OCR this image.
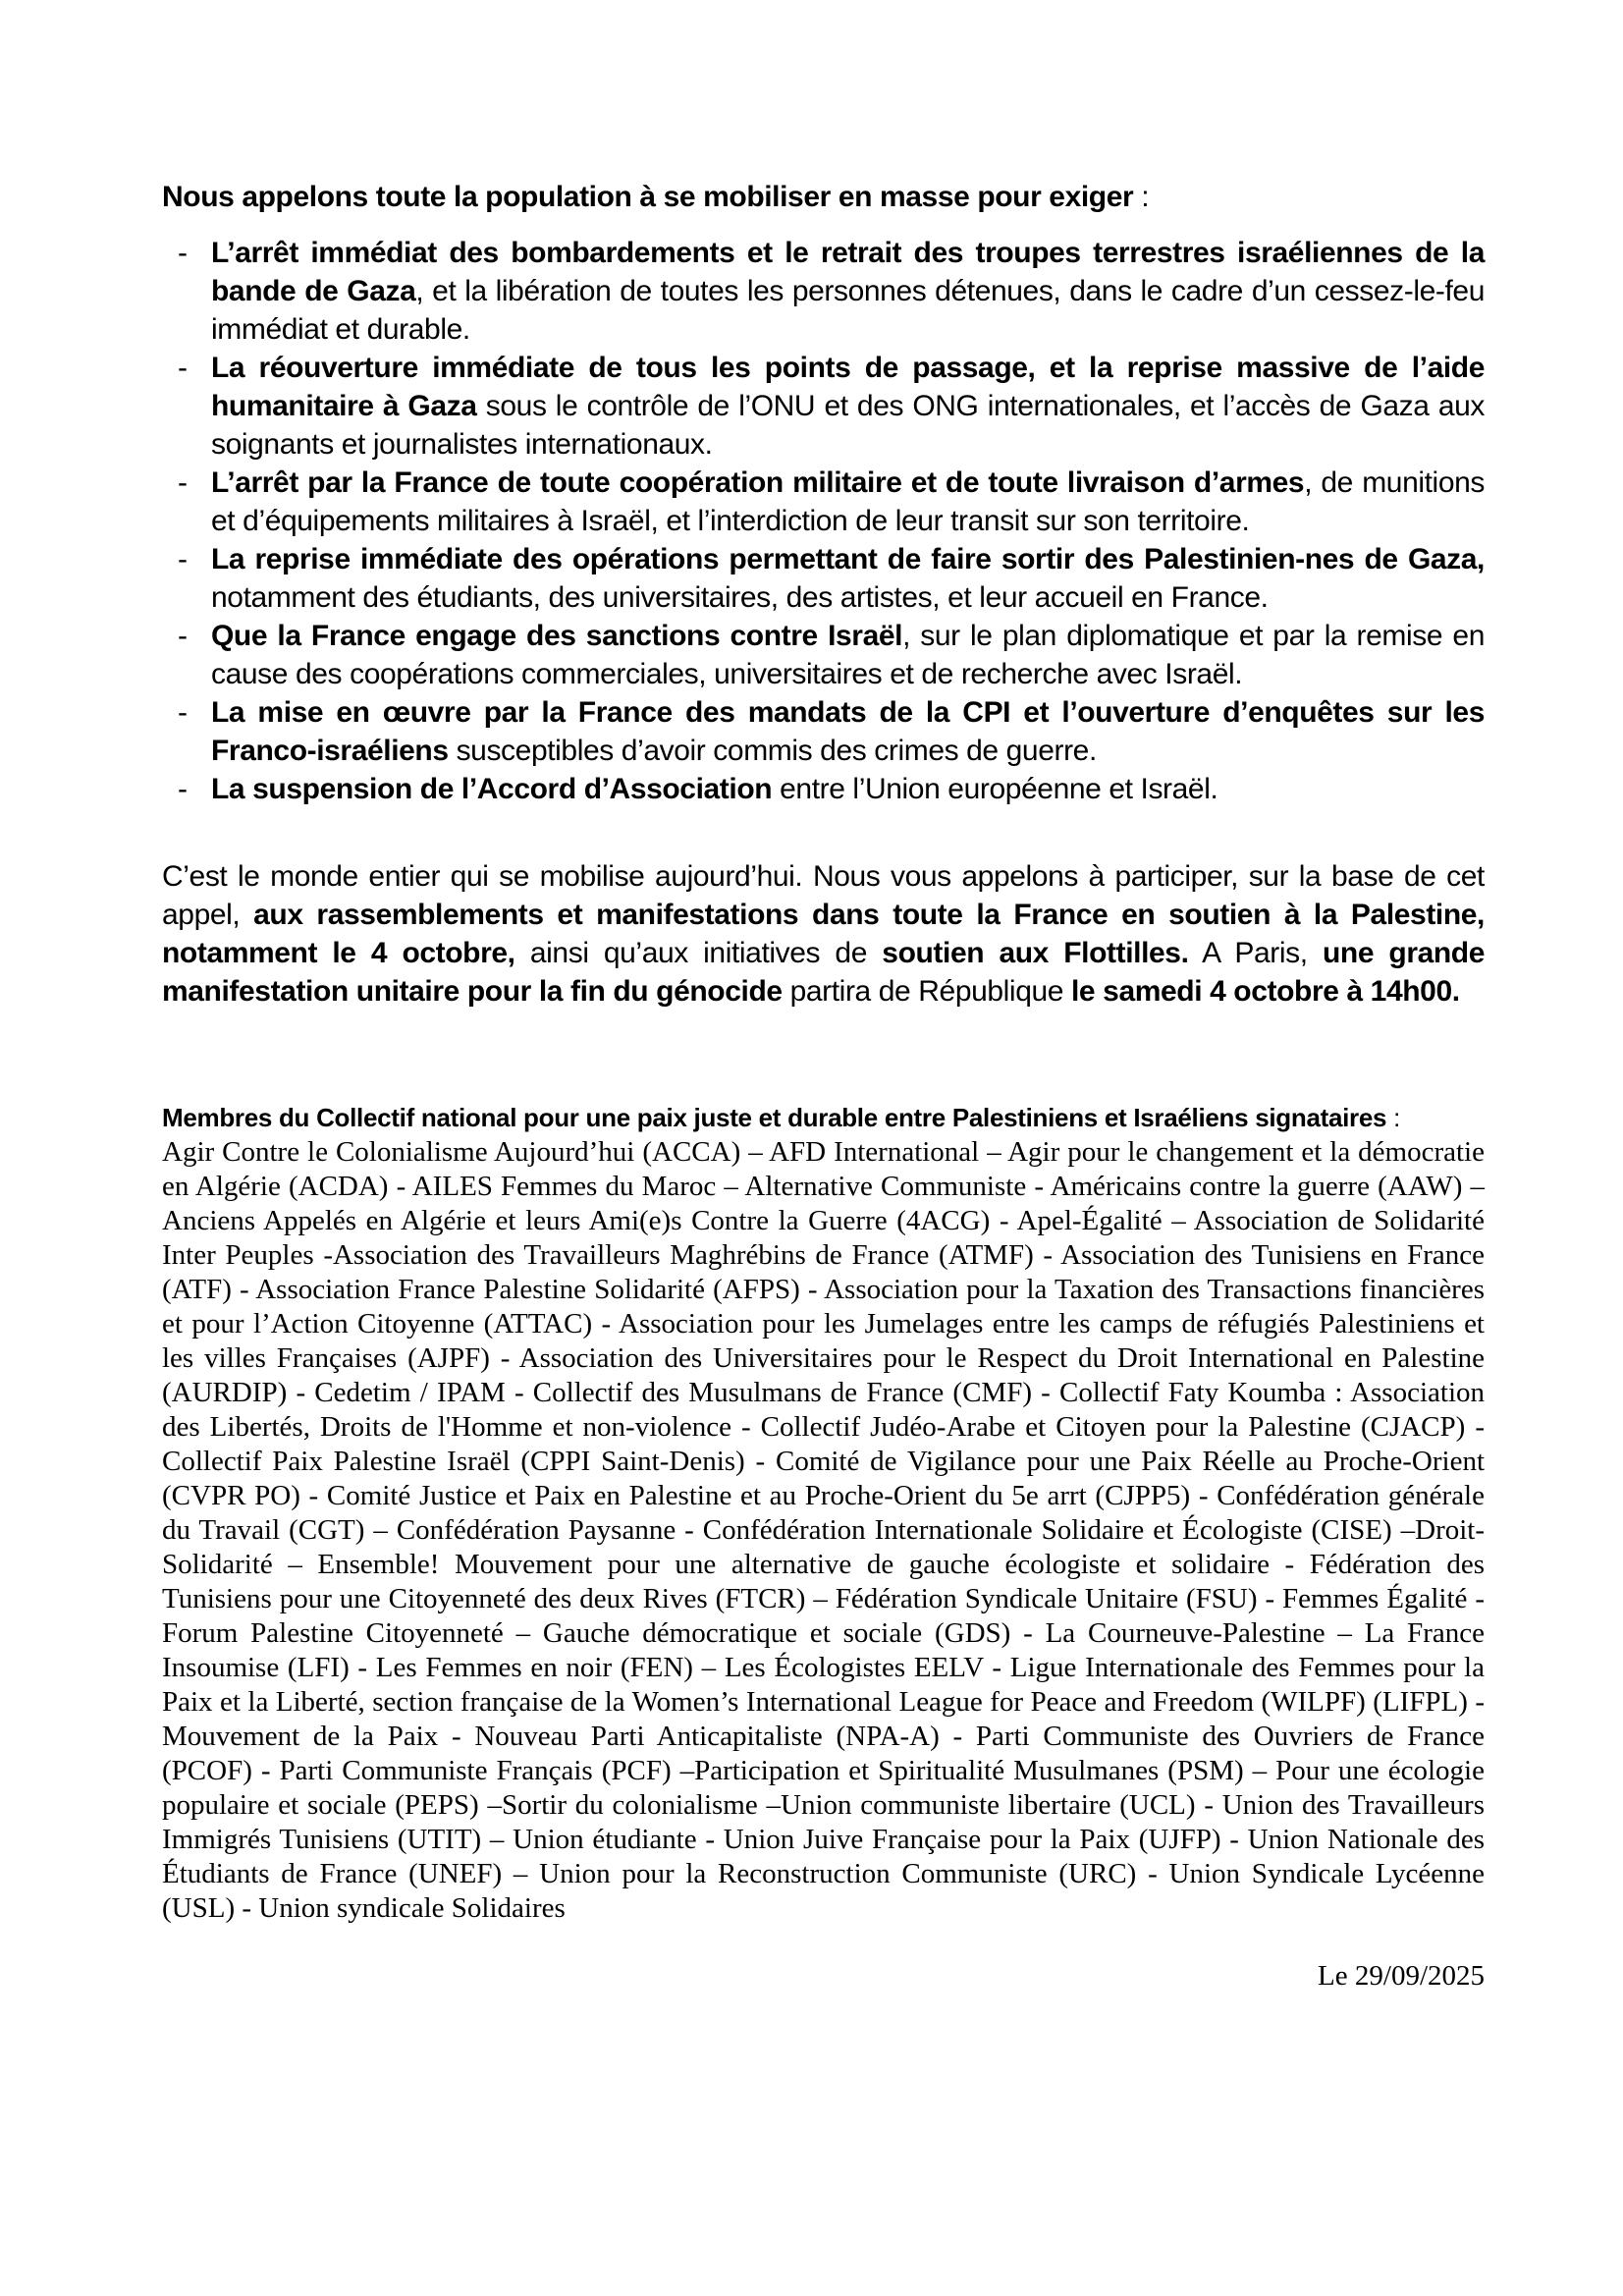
Nous appelons toute la population à se mobiliser en masse pour exiger :

- L’arrêt immédiat des bombardements et le retrait des troupes terrestres israéliennes de la bande de Gaza, et la libération de toutes les personnes détenues, dans le cadre d’un cessez-le-feu immédiat et durable.
- La réouverture immédiate de tous les points de passage, et la reprise massive de l’aide humanitaire à Gaza sous le contrôle de l’ONU et des ONG internationales, et l’accès de Gaza aux soignants et journalistes internationaux.
- L’arrêt par la France de toute coopération militaire et de toute livraison d’armes, de munitions et d’équipements militaires à Israël, et l’interdiction de leur transit sur son territoire.
- La reprise immédiate des opérations permettant de faire sortir des Palestinien-nes de Gaza, notamment des étudiants, des universitaires, des artistes, et leur accueil en France.
- Que la France engage des sanctions contre Israël, sur le plan diplomatique et par la remise en cause des coopérations commerciales, universitaires et de recherche avec Israël.
- La mise en œuvre par la France des mandats de la CPI et l’ouverture d’enquêtes sur les Franco-israéliens susceptibles d’avoir commis des crimes de guerre.
- La suspension de l’Accord d’Association entre l’Union européenne et Israël.

C’est le monde entier qui se mobilise aujourd’hui. Nous vous appelons à participer, sur la base de cet appel, aux rassemblements et manifestations dans toute la France en soutien à la Palestine, notamment le 4 octobre, ainsi qu’aux initiatives de soutien aux Flottilles. A Paris, une grande manifestation unitaire pour la fin du génocide partira de République le samedi 4 octobre à 14h00.

Membres du Collectif national pour une paix juste et durable entre Palestiniens et Israéliens signataires :

Agir Contre le Colonialisme Aujourd’hui (ACCA) – AFD International – Agir pour le changement et la démocratie en Algérie (ACDA) - AILES Femmes du Maroc – Alternative Communiste - Américains contre la guerre (AAW) – Anciens Appelés en Algérie et leurs Ami(e)s Contre la Guerre (4ACG) - Apel-Égalité – Association de Solidarité Inter Peuples -Association des Travailleurs Maghrébins de France (ATMF) - Association des Tunisiens en France (ATF) - Association France Palestine Solidarité (AFPS) - Association pour la Taxation des Transactions financières et pour l’Action Citoyenne (ATTAC) - Association pour les Jumelages entre les camps de réfugiés Palestiniens et les villes Françaises (AJPF) - Association des Universitaires pour le Respect du Droit International en Palestine (AURDIP) - Cedetim / IPAM - Collectif des Musulmans de France (CMF) - Collectif Faty Koumba : Association des Libertés, Droits de l'Homme et non-violence - Collectif Judéo-Arabe et Citoyen pour la Palestine (CJACP) - Collectif Paix Palestine Israël (CPPI Saint-Denis) - Comité de Vigilance pour une Paix Réelle au Proche-Orient (CVPR PO) - Comité Justice et Paix en Palestine et au Proche-Orient du 5e arrt (CJPP5) - Confédération générale du Travail (CGT) – Confédération Paysanne - Confédération Internationale Solidaire et Écologiste (CISE) –Droit-Solidarité – Ensemble! Mouvement pour une alternative de gauche écologiste et solidaire - Fédération des Tunisiens pour une Citoyenneté des deux Rives (FTCR) – Fédération Syndicale Unitaire (FSU) - Femmes Égalité - Forum Palestine Citoyenneté – Gauche démocratique et sociale (GDS) - La Courneuve-Palestine – La France Insoumise (LFI) - Les Femmes en noir (FEN) – Les Écologistes EELV - Ligue Internationale des Femmes pour la Paix et la Liberté, section française de la Women’s International League for Peace and Freedom (WILPF) (LIFPL) - Mouvement de la Paix - Nouveau Parti Anticapitaliste (NPA-A) - Parti Communiste des Ouvriers de France (PCOF) - Parti Communiste Français (PCF) –Participation et Spiritualité Musulmanes (PSM) – Pour une écologie populaire et sociale (PEPS) –Sortir du colonialisme –Union communiste libertaire (UCL) - Union des Travailleurs Immigrés Tunisiens (UTIT) – Union étudiante - Union Juive Française pour la Paix (UJFP) - Union Nationale des Étudiants de France (UNEF) – Union pour la Reconstruction Communiste (URC) - Union Syndicale Lycéenne (USL) - Union syndicale Solidaires

Le 29/09/2025
